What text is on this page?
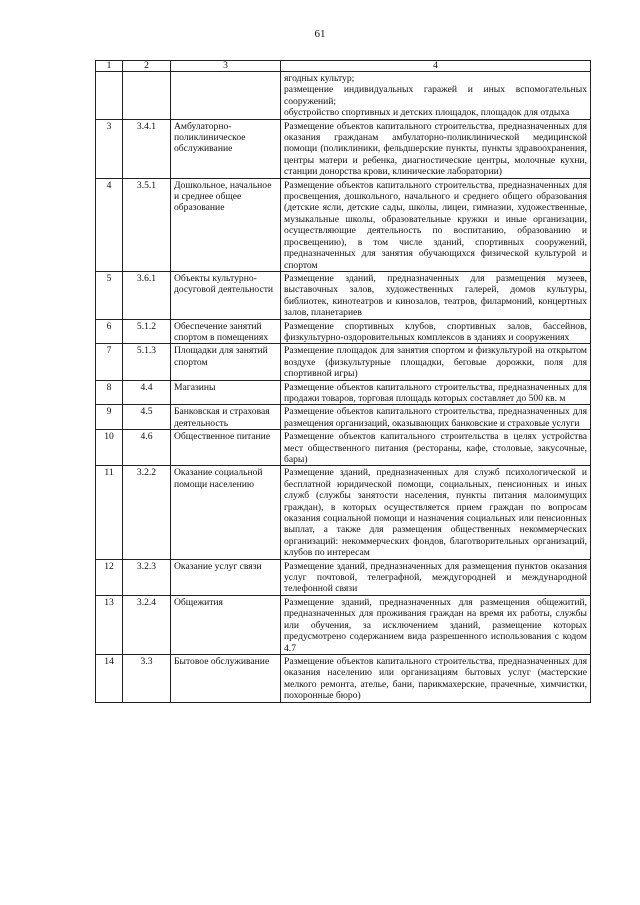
61
1	2	3	4
			ягодных культур;
размещение индивидуальных гаражей и иных вспомогательных сооружений;
обустройство спортивных и детских площадок, площадок для отдыха
3	3.4.1	Амбулаторно-поликлиническое обслуживание	Размещение объектов капитального строительства, предназначенных для оказания гражданам амбулаторно-поликлинической медицинской помощи (поликлиники, фельдшерские пункты, пункты здравоохранения, центры матери и ребенка, диагностические центры, молочные кухни, станции донорства крови, клинические лаборатории)
4	3.5.1	Дошкольное, начальное и среднее общее образование	Размещение объектов капитального строительства, предназначенных для просвещения, дошкольного, начального и среднего общего образования (детские ясли, детские сады, школы, лицеи, гимназии, художественные, музыкальные школы, образовательные кружки и иные организации, осуществляющие деятельность по воспитанию, образованию и просвещению), в том числе зданий, спортивных сооружений, предназначенных для занятия обучающихся физической культурой и спортом
5	3.6.1	Объекты культурно-досуговой деятельности	Размещение зданий, предназначенных для размещения музеев, выставочных залов, художественных галерей, домов культуры, библиотек, кинотеатров и кинозалов, театров, филармоний, концертных залов, планетариев
6	5.1.2	Обеспечение занятий спортом в помещениях	Размещение спортивных клубов, спортивных залов, бассейнов, физкультурно-оздоровительных комплексов в зданиях и сооружениях
7	5.1.3	Площадки для занятий спортом	Размещение площадок для занятия спортом и физкультурой на открытом воздухе (физкультурные площадки, беговые дорожки, поля для спортивной игры)
8	4.4	Магазины	Размещение объектов капитального строительства, предназначенных для продажи товаров, торговая площадь которых составляет до 500 кв. м
9	4.5	Банковская и страховая деятельность	Размещение объектов капитального строительства, предназначенных для размещения организаций, оказывающих банковские и страховые услуги
10	4.6	Общественное питание	Размещение объектов капитального строительства в целях устройства мест общественного питания (рестораны, кафе, столовые, закусочные, бары)
11	3.2.2	Оказание социальной помощи населению	Размещение зданий, предназначенных для служб психологической и бесплатной юридической помощи, социальных, пенсионных и иных служб (службы занятости населения, пункты питания малоимущих граждан), в которых осуществляется прием граждан по вопросам оказания социальной помощи и назначения социальных или пенсионных выплат, а также для размещения общественных некоммерческих организаций: некоммерческих фондов, благотворительных организаций, клубов по интересам
12	3.2.3	Оказание услуг связи	Размещение зданий, предназначенных для размещения пунктов оказания услуг почтовой, телеграфной, междугородней и международной телефонной связи
13	3.2.4	Общежития	Размещение зданий, предназначенных для размещения общежитий, предназначенных для проживания граждан на время их работы, службы или обучения, за исключением зданий, размещение которых предусмотрено содержанием вида разрешенного использования с кодом 4.7
14	3.3	Бытовое обслуживание	Размещение объектов капитального строительства, предназначенных для оказания населению или организациям бытовых услуг (мастерские мелкого ремонта, ателье, бани, парикмахерские, прачечные, химчистки, похоронные бюро)
